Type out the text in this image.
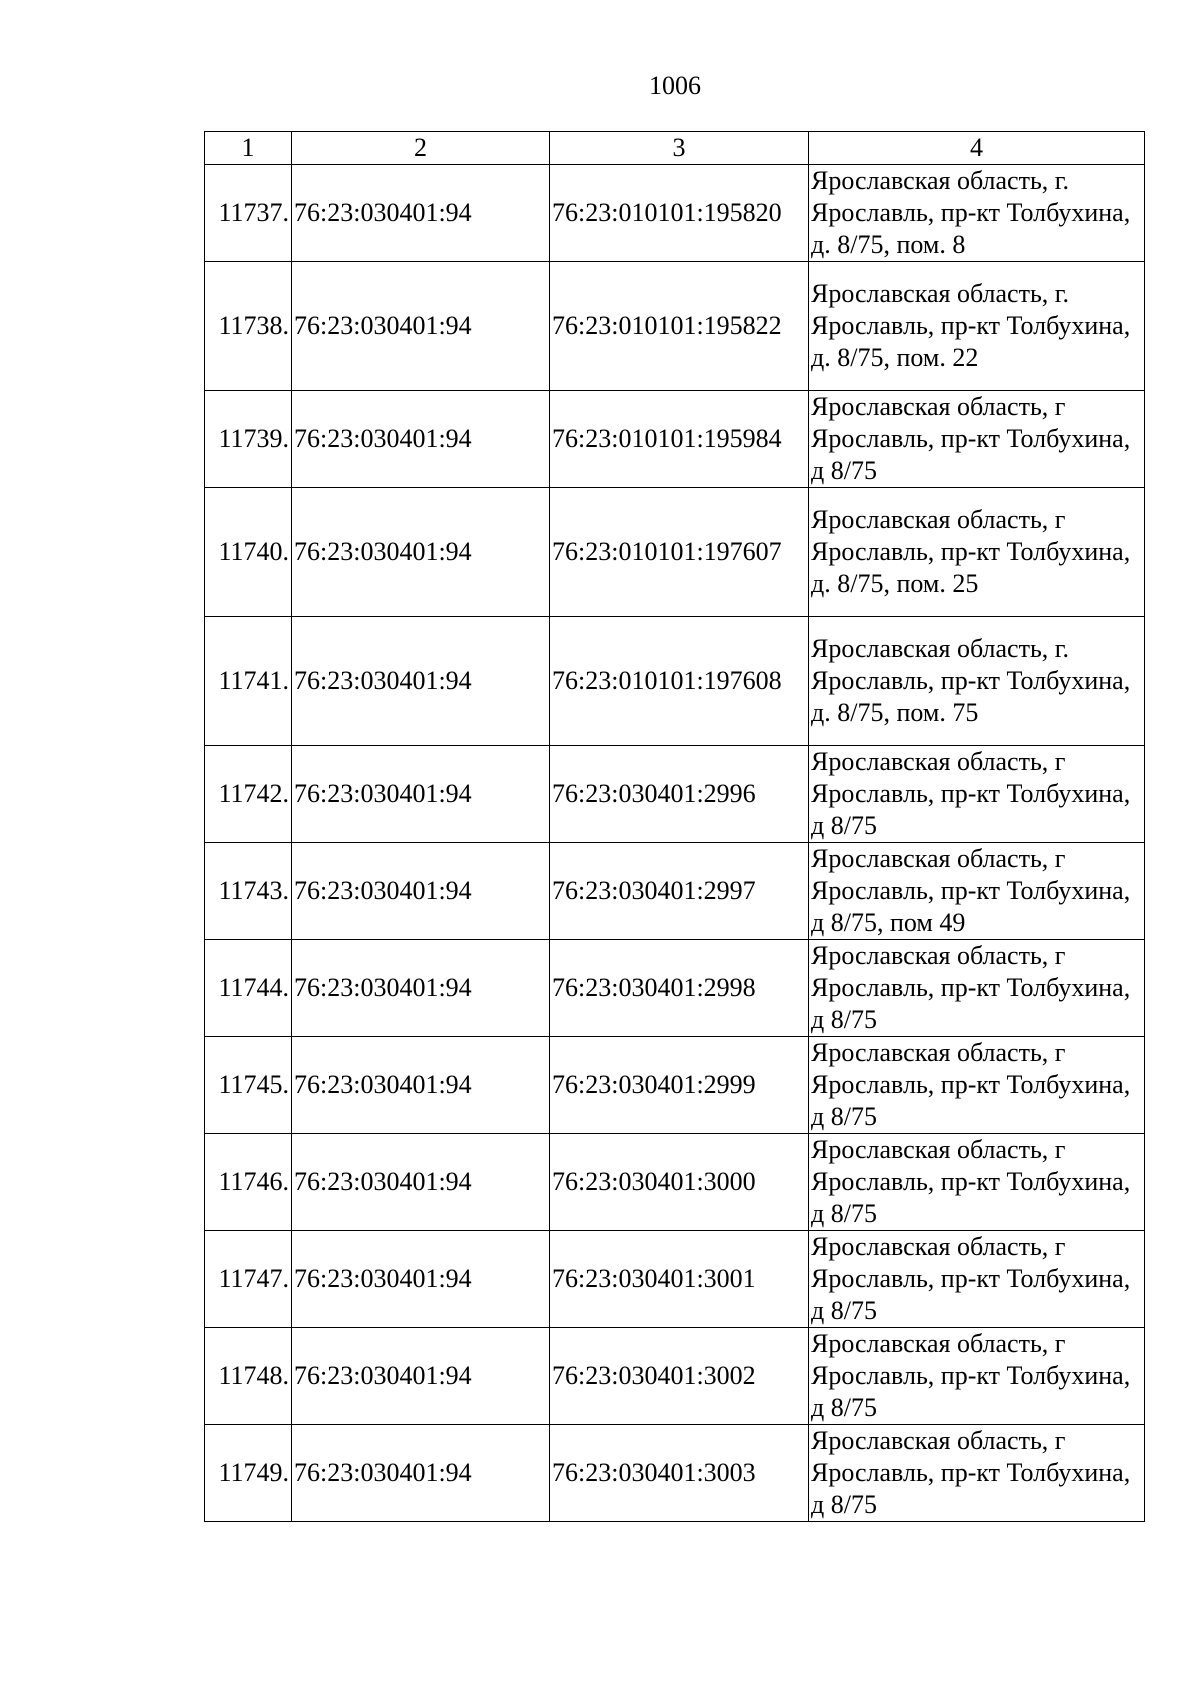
1006
1	2	3	4
11737.	76:23:030401:94	76:23:010101:195820	Ярославская область, г. Ярославль, пр-кт Толбухина, д. 8/75, пом. 8
11738.	76:23:030401:94	76:23:010101:195822	Ярославская область, г. Ярославль, пр-кт Толбухина, д. 8/75, пом. 22
11739.	76:23:030401:94	76:23:010101:195984	Ярославская область, г Ярославль, пр-кт Толбухина, д 8/75
11740.	76:23:030401:94	76:23:010101:197607	Ярославская область, г Ярославль, пр-кт Толбухина, д. 8/75, пом. 25
11741.	76:23:030401:94	76:23:010101:197608	Ярославская область, г. Ярославль, пр-кт Толбухина, д. 8/75, пом. 75
11742.	76:23:030401:94	76:23:030401:2996	Ярославская область, г Ярославль, пр-кт Толбухина, д 8/75
11743.	76:23:030401:94	76:23:030401:2997	Ярославская область, г Ярославль, пр-кт Толбухина, д 8/75, пом 49
11744.	76:23:030401:94	76:23:030401:2998	Ярославская область, г Ярославль, пр-кт Толбухина, д 8/75
11745.	76:23:030401:94	76:23:030401:2999	Ярославская область, г Ярославль, пр-кт Толбухина, д 8/75
11746.	76:23:030401:94	76:23:030401:3000	Ярославская область, г Ярославль, пр-кт Толбухина, д 8/75
11747.	76:23:030401:94	76:23:030401:3001	Ярославская область, г Ярославль, пр-кт Толбухина, д 8/75
11748.	76:23:030401:94	76:23:030401:3002	Ярославская область, г Ярославль, пр-кт Толбухина, д 8/75
11749.	76:23:030401:94	76:23:030401:3003	Ярославская область, г Ярославль, пр-кт Толбухина, д 8/75
